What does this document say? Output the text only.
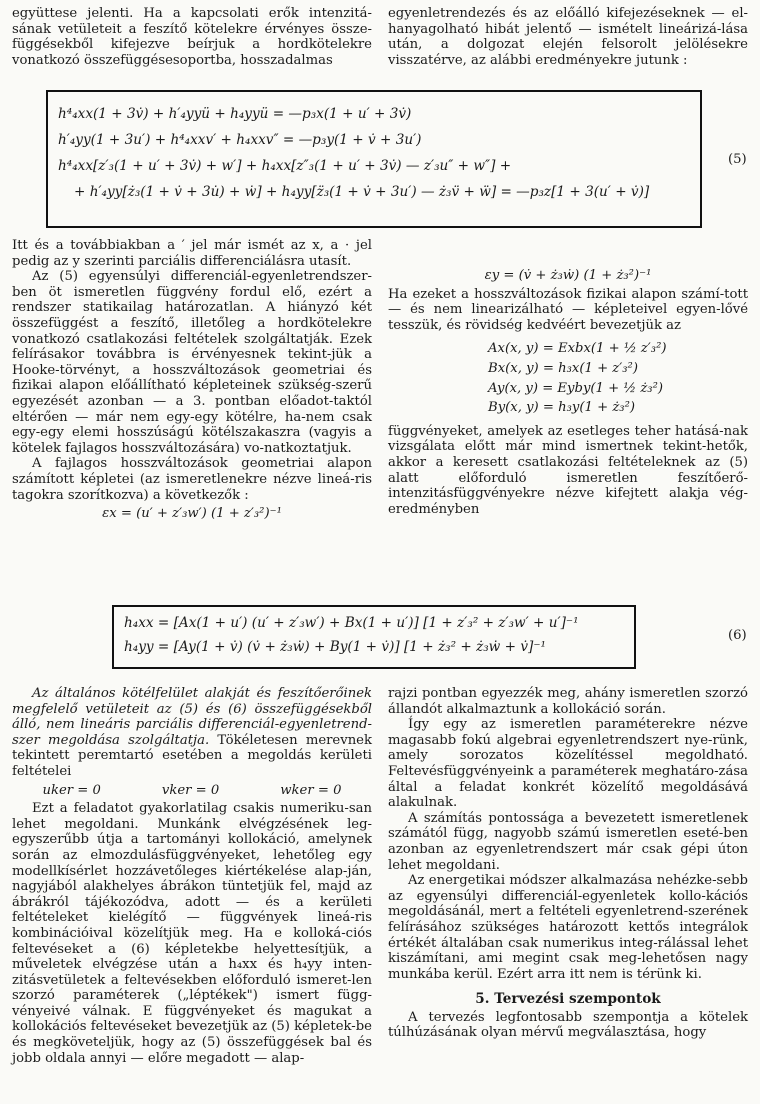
együttese jelenti. Ha a kapcsolati erők intenzitá-sának vetületeit a feszítő kötelekre érvényes össze-függésekből kifejezve beírjuk a hordkötelekre vonatkozó összefüggésesoportba, hosszadalmas

egyenletrendezés és az előálló kifejezéseknek — el-hanyagolható hibát jelentő — ismételt lineárizá-lása után, a dolgozat elején felsorolt jelölésekre visszatérve, az alábbi eredményekre jutunk :

h⁴₄xx(1 + 3v̇) + h′₄yyü + h₄yyü = —p₃x(1 + u′ + 3v̇)
h′₄yy(1 + 3u′) + h⁴₄xxv′ + h₄xxv″ = —p₃y(1 + v̇ + 3u′)
h⁴₄xx[z′₃(1 + u′ + 3v̇) + w′] + h₄xx[z″₃(1 + u′ + 3v̇) — z′₃u″ + w″] +
+ h′₄yy[ż₃(1 + v̇ + 3u̇) + ẇ] + h₄yy[z̈₃(1 + v̇ + 3u′) — ż₃v̈ + ẅ] = —p₃z[1 + 3(u′ + v̇)]
(5)

Itt és a továbbiakban a ′ jel már ismét az x, a · jel pedig az y szerinti parciális differenciálásra utasít.

Az (5) egyensúlyi differenciál-egyenletrendszer-ben öt ismeretlen függvény fordul elő, ezért a rendszer statikailag határozatlan. A hiányzó két összefüggést a feszítő, illetőleg a hordkötelekre vonatkozó csatlakozási feltételek szolgáltatják. Ezek felírásakor továbbra is érvényesnek tekint-jük a Hooke-törvényt, a hosszváltozások geometriai és fizikai alapon előállítható képleteinek szükség-szerű egyezését azonban — a 3. pontban előadot-taktól eltérően — már nem egy-egy kötélre, ha-nem csak egy-egy elemi hosszúságú kötélszakaszra (vagyis a kötelek fajlagos hosszváltozására) vo-natkoztatjuk.

A fajlagos hosszváltozások geometriai alapon számított képletei (az ismeretlenekre nézve lineá-ris tagokra szorítkozva) a következők :

εx = (u′ + z′₃w′) (1 + z′₃²)⁻¹
εy = (v̇ + ż₃ẇ) (1 + ż₃²)⁻¹

Ha ezeket a hosszváltozások fizikai alapon számí-tott — és nem linearizálható — képleteivel egyen-lővé tesszük, és rövidség kedvéért bevezetjük az

Ax(x, y) = Exbx(1 + ½ z′₃²)
Bx(x, y) = h₃x(1 + z′₃²)
Ay(x, y) = Eyby(1 + ½ ż₃²)
By(x, y) = h₃y(1 + ż₃²)

függvényeket, amelyek az esetleges teher hatásá-nak vizsgálata előtt már mind ismertnek tekint-hetők, akkor a keresett csatlakozási feltételeknek az (5) alatt előforduló ismeretlen feszítőerő-intenzitásfüggvényekre nézve kifejtett alakja vég-eredményben

h₄xx = [Ax(1 + u′) (u′ + z′₃w′) + Bx(1 + u′)] [1 + z′₃² + z′₃w′ + u′]⁻¹
h₄yy = [Ay(1 + v̇) (v̇ + ż₃ẇ) + By(1 + v̇)] [1 + ż₃² + ż₃ẇ + v̇]⁻¹
(6)

Az általános kötélfelület alakját és feszítőerőinek megfelelő vetületeit az (5) és (6) összefüggésekből álló, nem lineáris parciális differenciál-egyenletrend-szer megoldása szolgáltatja. Tökéletesen merevnek tekintett peremtartó esetében a megoldás kerületi feltételei

uker = 0	vker = 0	wker = 0

Ezt a feladatot gyakorlatilag csakis numeriku-san lehet megoldani. Munkánk elvégzésének leg-egyszerűbb útja a tartományi kollokáció, amelynek során az elmozdulásfüggvényeket, lehetőleg egy modellkísérlet hozzávetőleges kiértékelése alap-ján, nagyjából alakhelyes ábrákon tüntetjük fel, majd az ábrákról tájékozódva, adott — és a kerületi feltételeket kielégítő — függvények lineá-ris kombinációival közelítjük meg. Ha e kolloká-ciós feltevéseket a (6) képletekbe helyettesítjük, a műveletek elvégzése után a h₄xx és h₄yy inten-zitásvetületek a feltevésekben előforduló ismeret-len szorzó paraméterek („léptékek") ismert függ-vényeivé válnak. E függvényeket és magukat a kollokációs feltevéseket bevezetjük az (5) képletek-be és megköveteljük, hogy az (5) összefüggések bal és jobb oldala annyi — előre megadott — alap-

rajzi pontban egyezzék meg, ahány ismeretlen szorzó állandót alkalmaztunk a kollokáció során.

Így egy az ismeretlen paraméterekre nézve magasabb fokú algebrai egyenletrendszert nye-rünk, amely sorozatos közelítéssel megoldható. Feltevésfüggvényeink a paraméterek meghatáro-zása által a feladat konkrét közelítő megoldásává alakulnak.

A számítás pontossága a bevezetett ismeretlenek számától függ, nagyobb számú ismeretlen eseté-ben azonban az egyenletrendszert már csak gépi úton lehet megoldani.

Az energetikai módszer alkalmazása nehézke-sebb az egyensúlyi differenciál-egyenletek kollo-kációs megoldásánál, mert a feltételi egyenletrend-szerének felírásához szükséges határozott kettős integrálok értékét általában csak numerikus integ-rálással lehet kiszámítani, ami megint csak meg-lehetősen nagy munkába kerül. Ezért arra itt nem is térünk ki.

5. Tervezési szempontok

A tervezés legfontosabb szempontja a kötelek túlhúzásának olyan mérvű megválasztása, hogy
